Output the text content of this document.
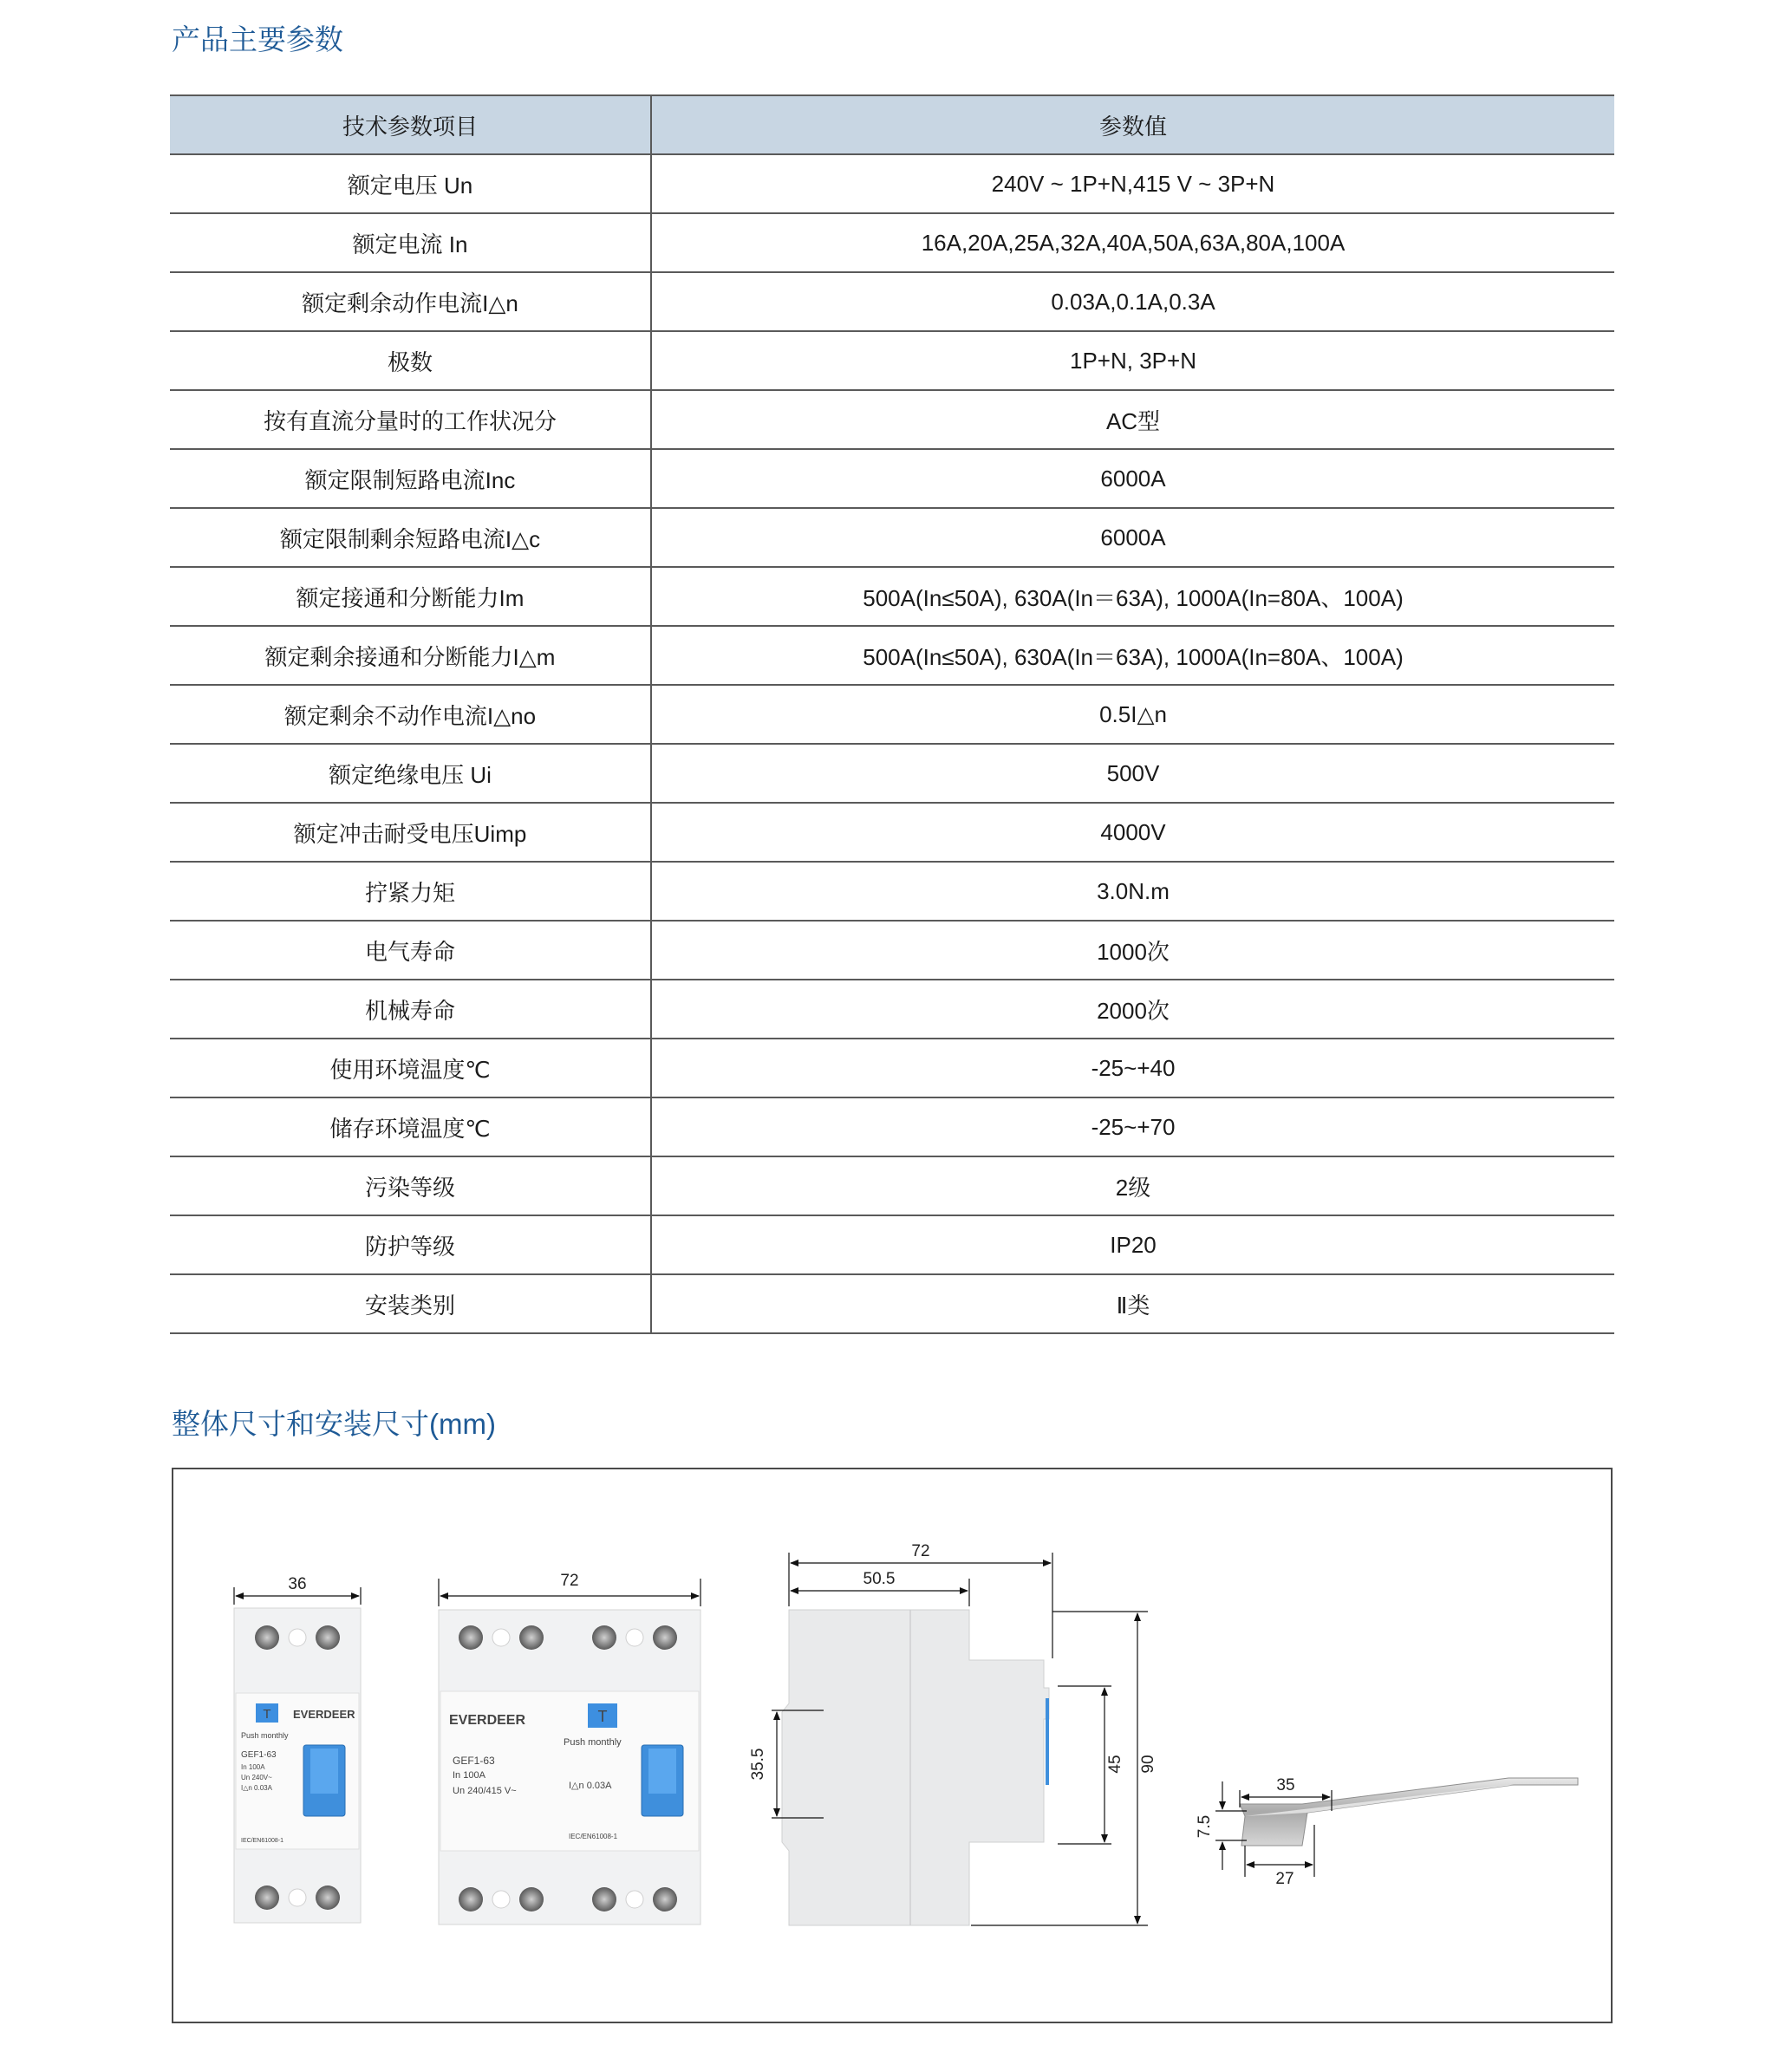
产品主要参数
技术参数项目	参数值
额定电压 Un	240V ~ 1P+N,415 V ~ 3P+N
额定电流 In	16A,20A,25A,32A,40A,50A,63A,80A,100A
额定剩余动作电流I△n	0.03A,0.1A,0.3A
极数	1P+N, 3P+N
按有直流分量时的工作状况分	AC型
额定限制短路电流Inc	6000A
额定限制剩余短路电流I△c	6000A
额定接通和分断能力Im	500A(In≤50A), 630A(In＝63A), 1000A(In=80A、100A)
额定剩余接通和分断能力I△m	500A(In≤50A), 630A(In＝63A), 1000A(In=80A、100A)
额定剩余不动作电流I△no	0.5I△n
额定绝缘电压 Ui	500V
额定冲击耐受电压Uimp	4000V
拧紧力矩	3.0N.m
电气寿命	1000次
机械寿命	2000次
使用环境温度℃	-25~+40
储存环境温度℃	-25~+70
污染等级	2级
防护等级	IP20
安装类别	Ⅱ类
整体尺寸和安装尺寸(mm)
T EVERDEER
Push monthly
GEF1-63
In 100A
Un 240V~
I△n 0.03A
IEC/EN61008-1
36
EVERDEER	T
Push monthly
GEF1-63
In 100A
Un 240/415 V~	I△n 0.03A
IEC/EN61008-1
72
72
50.5
35.5	45 90
35
7.5
27
